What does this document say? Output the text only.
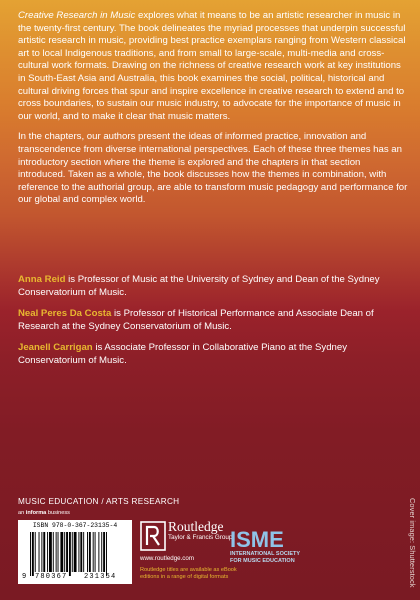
Creative Research in Music explores what it means to be an artistic researcher in music in the twenty-first century. The book delineates the myriad processes that underpin successful artistic research in music, providing best practice exemplars ranging from Western classical art to local Indigenous traditions, and from small to large-scale, multi-media and cross-cultural work formats. Drawing on the richness of creative research work at key institutions in South-East Asia and Australia, this book examines the social, political, historical and cultural driving forces that spur and inspire excellence in creative research to extend and to cross boundaries, to sustain our music industry, to advocate for the importance of music in our world, and to make it clear that music matters.

In the chapters, our authors present the ideas of informed practice, innovation and transcendence from diverse international perspectives. Each of these three themes has an introductory section where the theme is explored and the chapters in that section introduced. Taken as a whole, the book discusses how the themes in combination, with reference to the authorial group, are able to transform music pedagogy and performance for our global and complex world.

Anna Reid is Professor of Music at the University of Sydney and Dean of the Sydney Conservatorium of Music.

Neal Peres Da Costa is Professor of Historical Performance and Associate Dean of Research at the Sydney Conservatorium of Music.

Jeanell Carrigan is Associate Professor in Collaborative Piano at the Sydney Conservatorium of Music.

Cover image: Shutterstock
MUSIC EDUCATION / ARTS RESEARCH
an informa business
ISBN 978-0-367-23135-4
9 780367 231354
Routledge
Taylor & Francis Group
www.routledge.com
Routledge titles are available as eBook editions in a range of digital formats
ISME
INTERNATIONAL SOCIETY
FOR MUSIC EDUCATION
